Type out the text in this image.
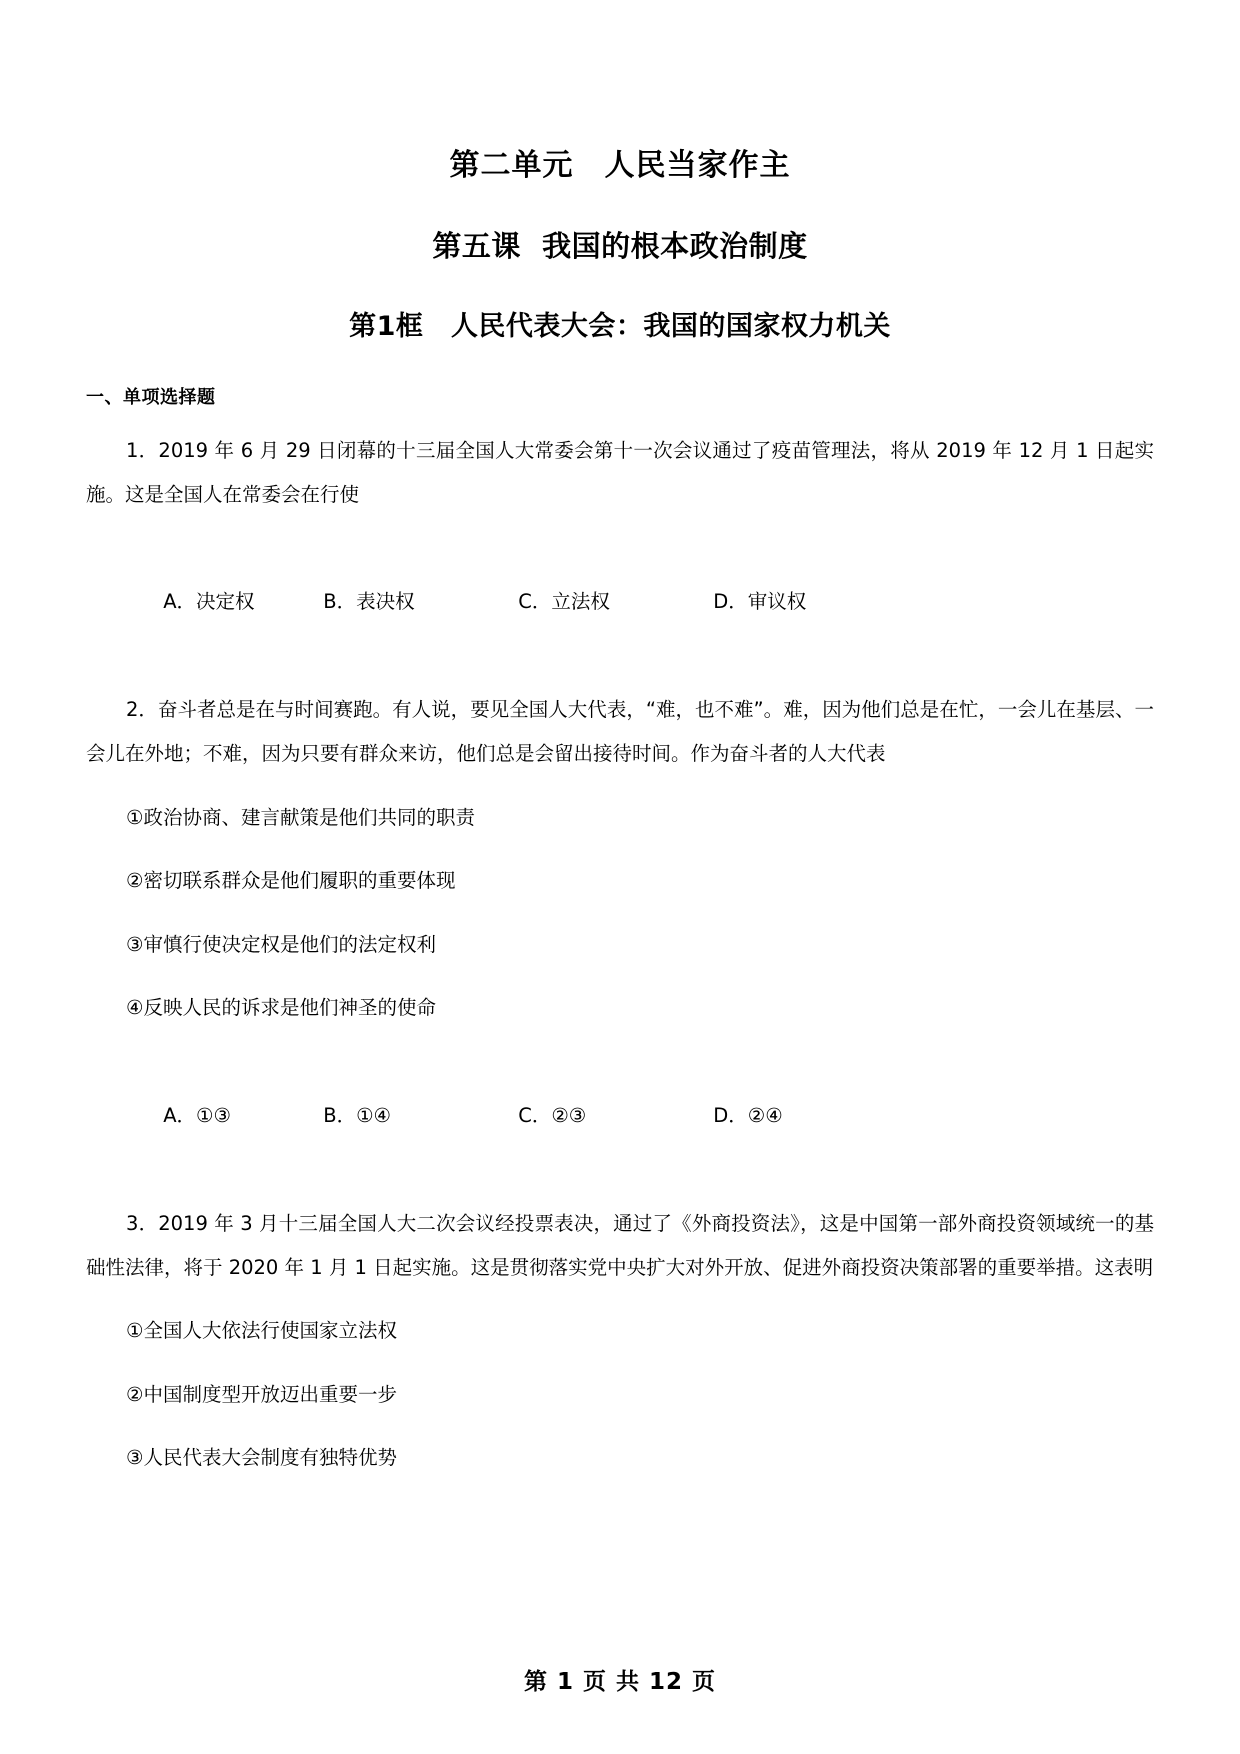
第二单元　人民当家作主
第五课  我国的根本政治制度
第1框　人民代表大会：我国的国家权力机关
一、单项选择题

1．2019 年 6 月 29 日闭幕的十三届全国人大常委会第十一次会议通过了疫苗管理法，将从 2019 年 12 月 1 日起实施。这是全国人在常委会在行使

A．决定权	B．表决权	C．立法权	D．审议权

2．奋斗者总是在与时间赛跑。有人说，要见全国人大代表，“难，也不难”。难，因为他们总是在忙，一会儿在基层、一会儿在外地；不难，因为只要有群众来访，他们总是会留出接待时间。作为奋斗者的人大代表

①政治协商、建言献策是他们共同的职责

②密切联系群众是他们履职的重要体现

③审慎行使决定权是他们的法定权利

④反映人民的诉求是他们神圣的使命

A．①③	B．①④	C．②③	D．②④

3．2019 年 3 月十三届全国人大二次会议经投票表决，通过了《外商投资法》，这是中国第一部外商投资领域统一的基础性法律，将于 2020 年 1 月 1 日起实施。这是贯彻落实党中央扩大对外开放、促进外商投资决策部署的重要举措。这表明

①全国人大依法行使国家立法权

②中国制度型开放迈出重要一步

③人民代表大会制度有独特优势

第 1 页 共 12 页
